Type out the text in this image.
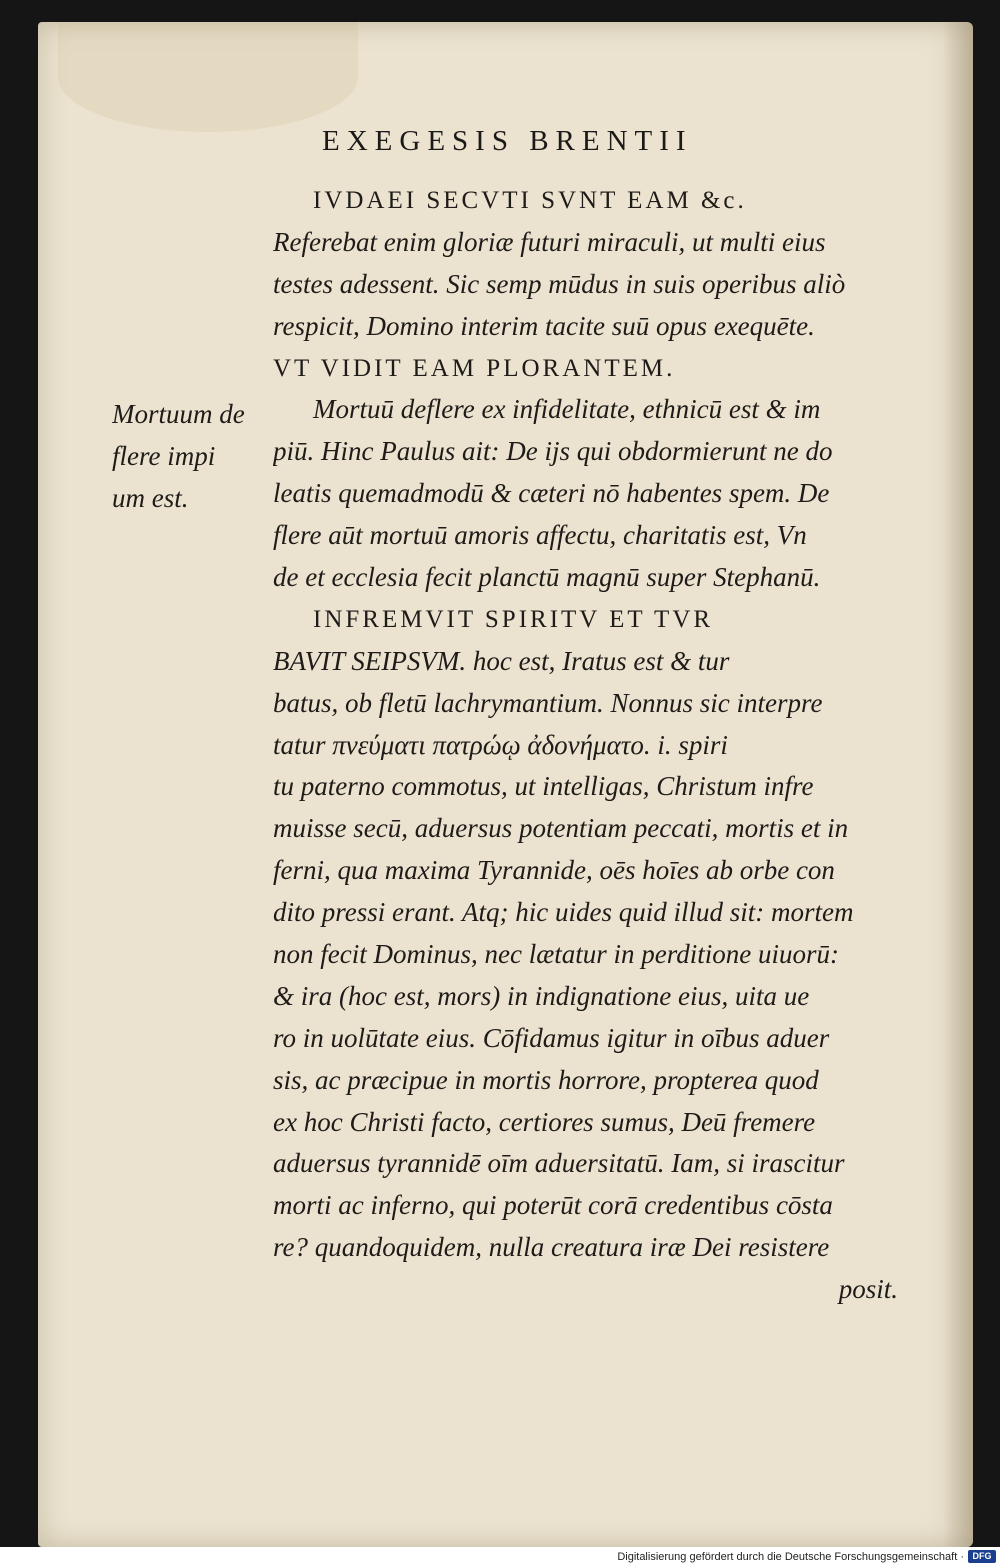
EXEGESIS BRENTII
Mortuum de
flere impi
um est.
IVDAEI SECVTI SVNT EAM &c.
Referebat enim gloriæ futuri miraculi, ut multi eius
testes adessent. Sic semp mūdus in suis operibus aliò
respicit, Domino interim tacite suū opus exequēte.
VT VIDIT EAM PLORANTEM.
Mortuū deflere ex infidelitate, ethnicū est & im
piū. Hinc Paulus ait: De ijs qui obdormierunt ne do
leatis quemadmodū & cæteri nō habentes spem. De
flere aūt mortuū amoris affectu, charitatis est, Vn
de et ecclesia fecit planctū magnū super Stephanū.
INFREMVIT SPIRITV ET TVR
BAVIT SEIPSVM. hoc est, Iratus est & tur
batus, ob fletū lachrymantium. Nonnus sic interpre
tatur πνεύματι πατρώῳ ἀδονήματο. i. spiri
tu paterno commotus, ut intelligas, Christum infre
muisse secū, aduersus potentiam peccati, mortis et in
ferni, qua maxima Tyrannide, oēs hoīes ab orbe con
dito pressi erant. Atq; hic uides quid illud sit: mortem
non fecit Dominus, nec lætatur in perditione uiuorū:
& ira (hoc est, mors) in indignatione eius, uita ue
ro in uolūtate eius. Cōfidamus igitur in oībus aduer
sis, ac præcipue in mortis horrore, propterea quod
ex hoc Christi facto, certiores sumus, Deū fremere
aduersus tyrannidē oīm aduersitatū. Iam, si irascitur
morti ac inferno, qui poterūt corā credentibus cōsta
re? quandoquidem, nulla creatura iræ Dei resistere
posit.
Digitalisierung gefördert durch die Deutsche Forschungsgemeinschaft · DFG
